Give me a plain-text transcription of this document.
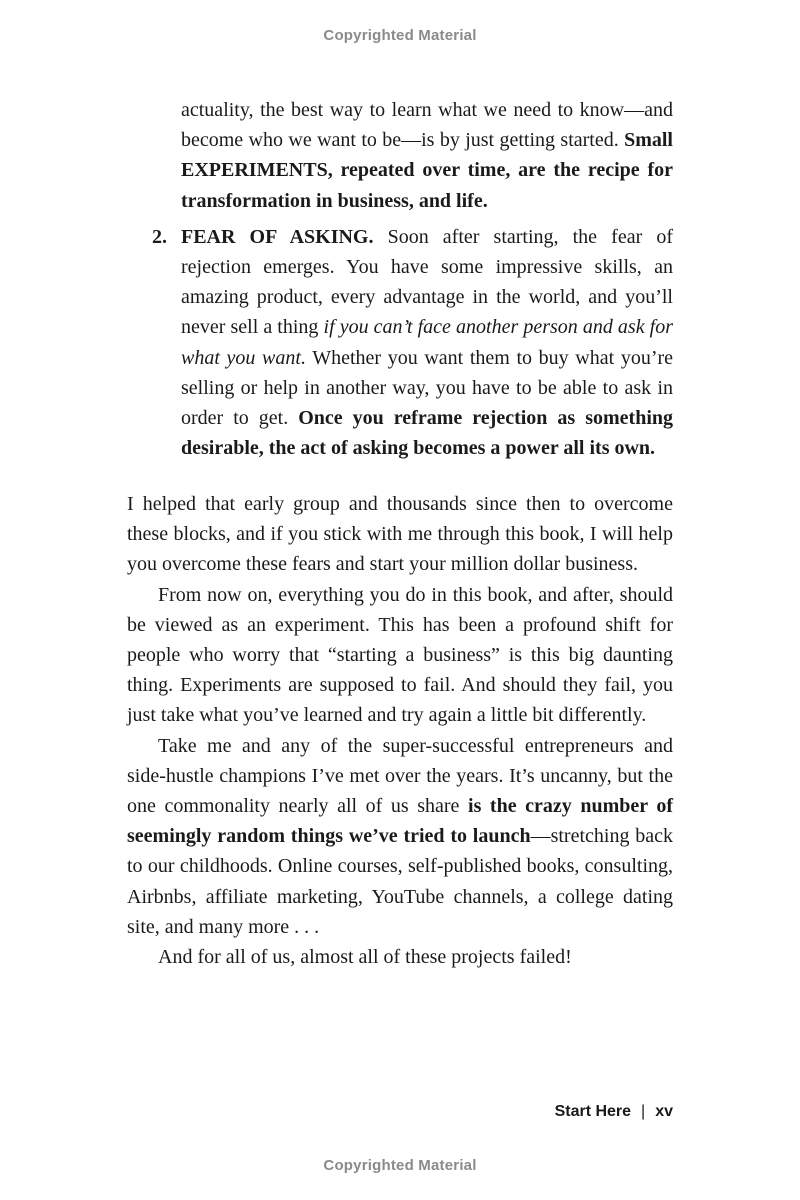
Copyrighted Material

actuality, the best way to learn what we need to know—and become who we want to be—is by just getting started. Small EXPERIMENTS, repeated over time, are the recipe for transformation in business, and life.

2. FEAR OF ASKING. Soon after starting, the fear of rejection emerges. You have some impressive skills, an amazing product, every advantage in the world, and you’ll never sell a thing if you can’t face another person and ask for what you want. Whether you want them to buy what you’re selling or help in another way, you have to be able to ask in order to get. Once you reframe rejection as something desirable, the act of asking becomes a power all its own.

I helped that early group and thousands since then to overcome these blocks, and if you stick with me through this book, I will help you overcome these fears and start your million dollar business.

From now on, everything you do in this book, and after, should be viewed as an experiment. This has been a profound shift for people who worry that “starting a business” is this big daunting thing. Experiments are supposed to fail. And should they fail, you just take what you’ve learned and try again a little bit differently.

Take me and any of the super-successful entrepreneurs and side-hustle champions I’ve met over the years. It’s uncanny, but the one commonality nearly all of us share is the crazy number of seemingly random things we’ve tried to launch—stretching back to our childhoods. Online courses, self-published books, consulting, Airbnbs, affiliate marketing, YouTube channels, a college dating site, and many more . . .

And for all of us, almost all of these projects failed!

Start Here | xv
Copyrighted Material
